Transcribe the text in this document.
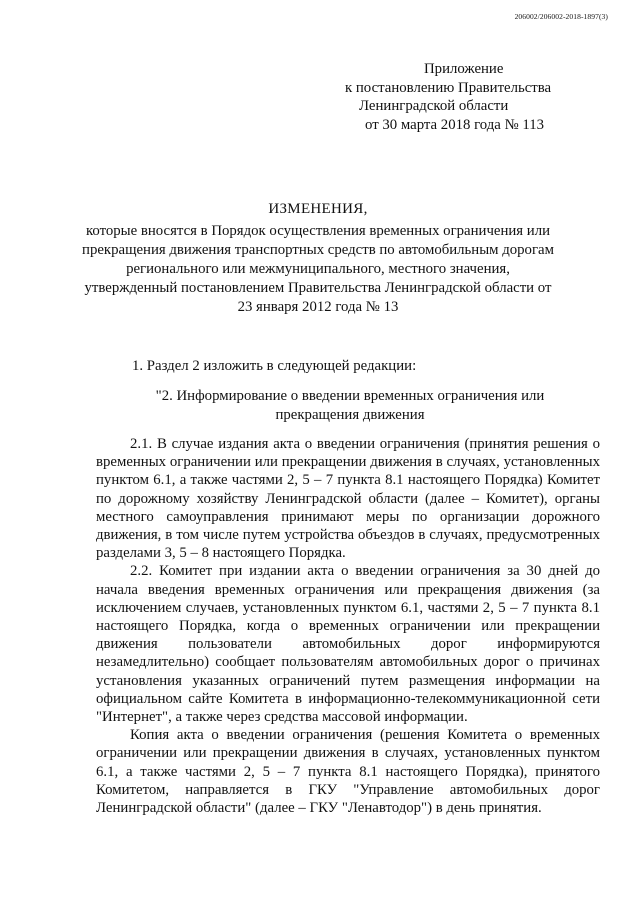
206002/206002-2018-1897(3)
Приложение
к постановлению Правительства
Ленинградской области
от 30 марта 2018 года № 113
ИЗМЕНЕНИЯ,
которые вносятся в Порядок осуществления временных ограничения или прекращения движения транспортных средств по автомобильным дорогам регионального или межмуниципального, местного значения, утвержденный постановлением Правительства Ленинградской области от 23 января 2012 года № 13
1. Раздел 2 изложить в следующей редакции:
"2. Информирование о введении временных ограничения или прекращения движения

2.1. В случае издания акта о введении ограничения (принятия решения о временных ограничении или прекращении движения в случаях, установленных пунктом 6.1, а также частями 2, 5 – 7 пункта 8.1 настоящего Порядка) Комитет по дорожному хозяйству Ленинградской области (далее – Комитет), органы местного самоуправления принимают меры по организации дорожного движения, в том числе путем устройства объездов в случаях, предусмотренных разделами 3, 5 – 8 настоящего Порядка.

2.2. Комитет при издании акта о введении ограничения за 30 дней до начала введения временных ограничения или прекращения движения (за исключением случаев, установленных пунктом 6.1, частями 2, 5 – 7 пункта 8.1 настоящего Порядка, когда о временных ограничении или прекращении движения пользователи автомобильных дорог информируются незамедлительно) сообщает пользователям автомобильных дорог о причинах установления указанных ограничений путем размещения информации на официальном сайте Комитета в информационно-телекоммуникационной сети "Интернет", а также через средства массовой информации.

Копия акта о введении ограничения (решения Комитета о временных ограничении или прекращении движения в случаях, установленных пунктом 6.1, а также частями 2, 5 – 7 пункта 8.1 настоящего Порядка), принятого Комитетом, направляется в ГКУ "Управление автомобильных дорог Ленинградской области" (далее – ГКУ "Ленавтодор") в день принятия.
